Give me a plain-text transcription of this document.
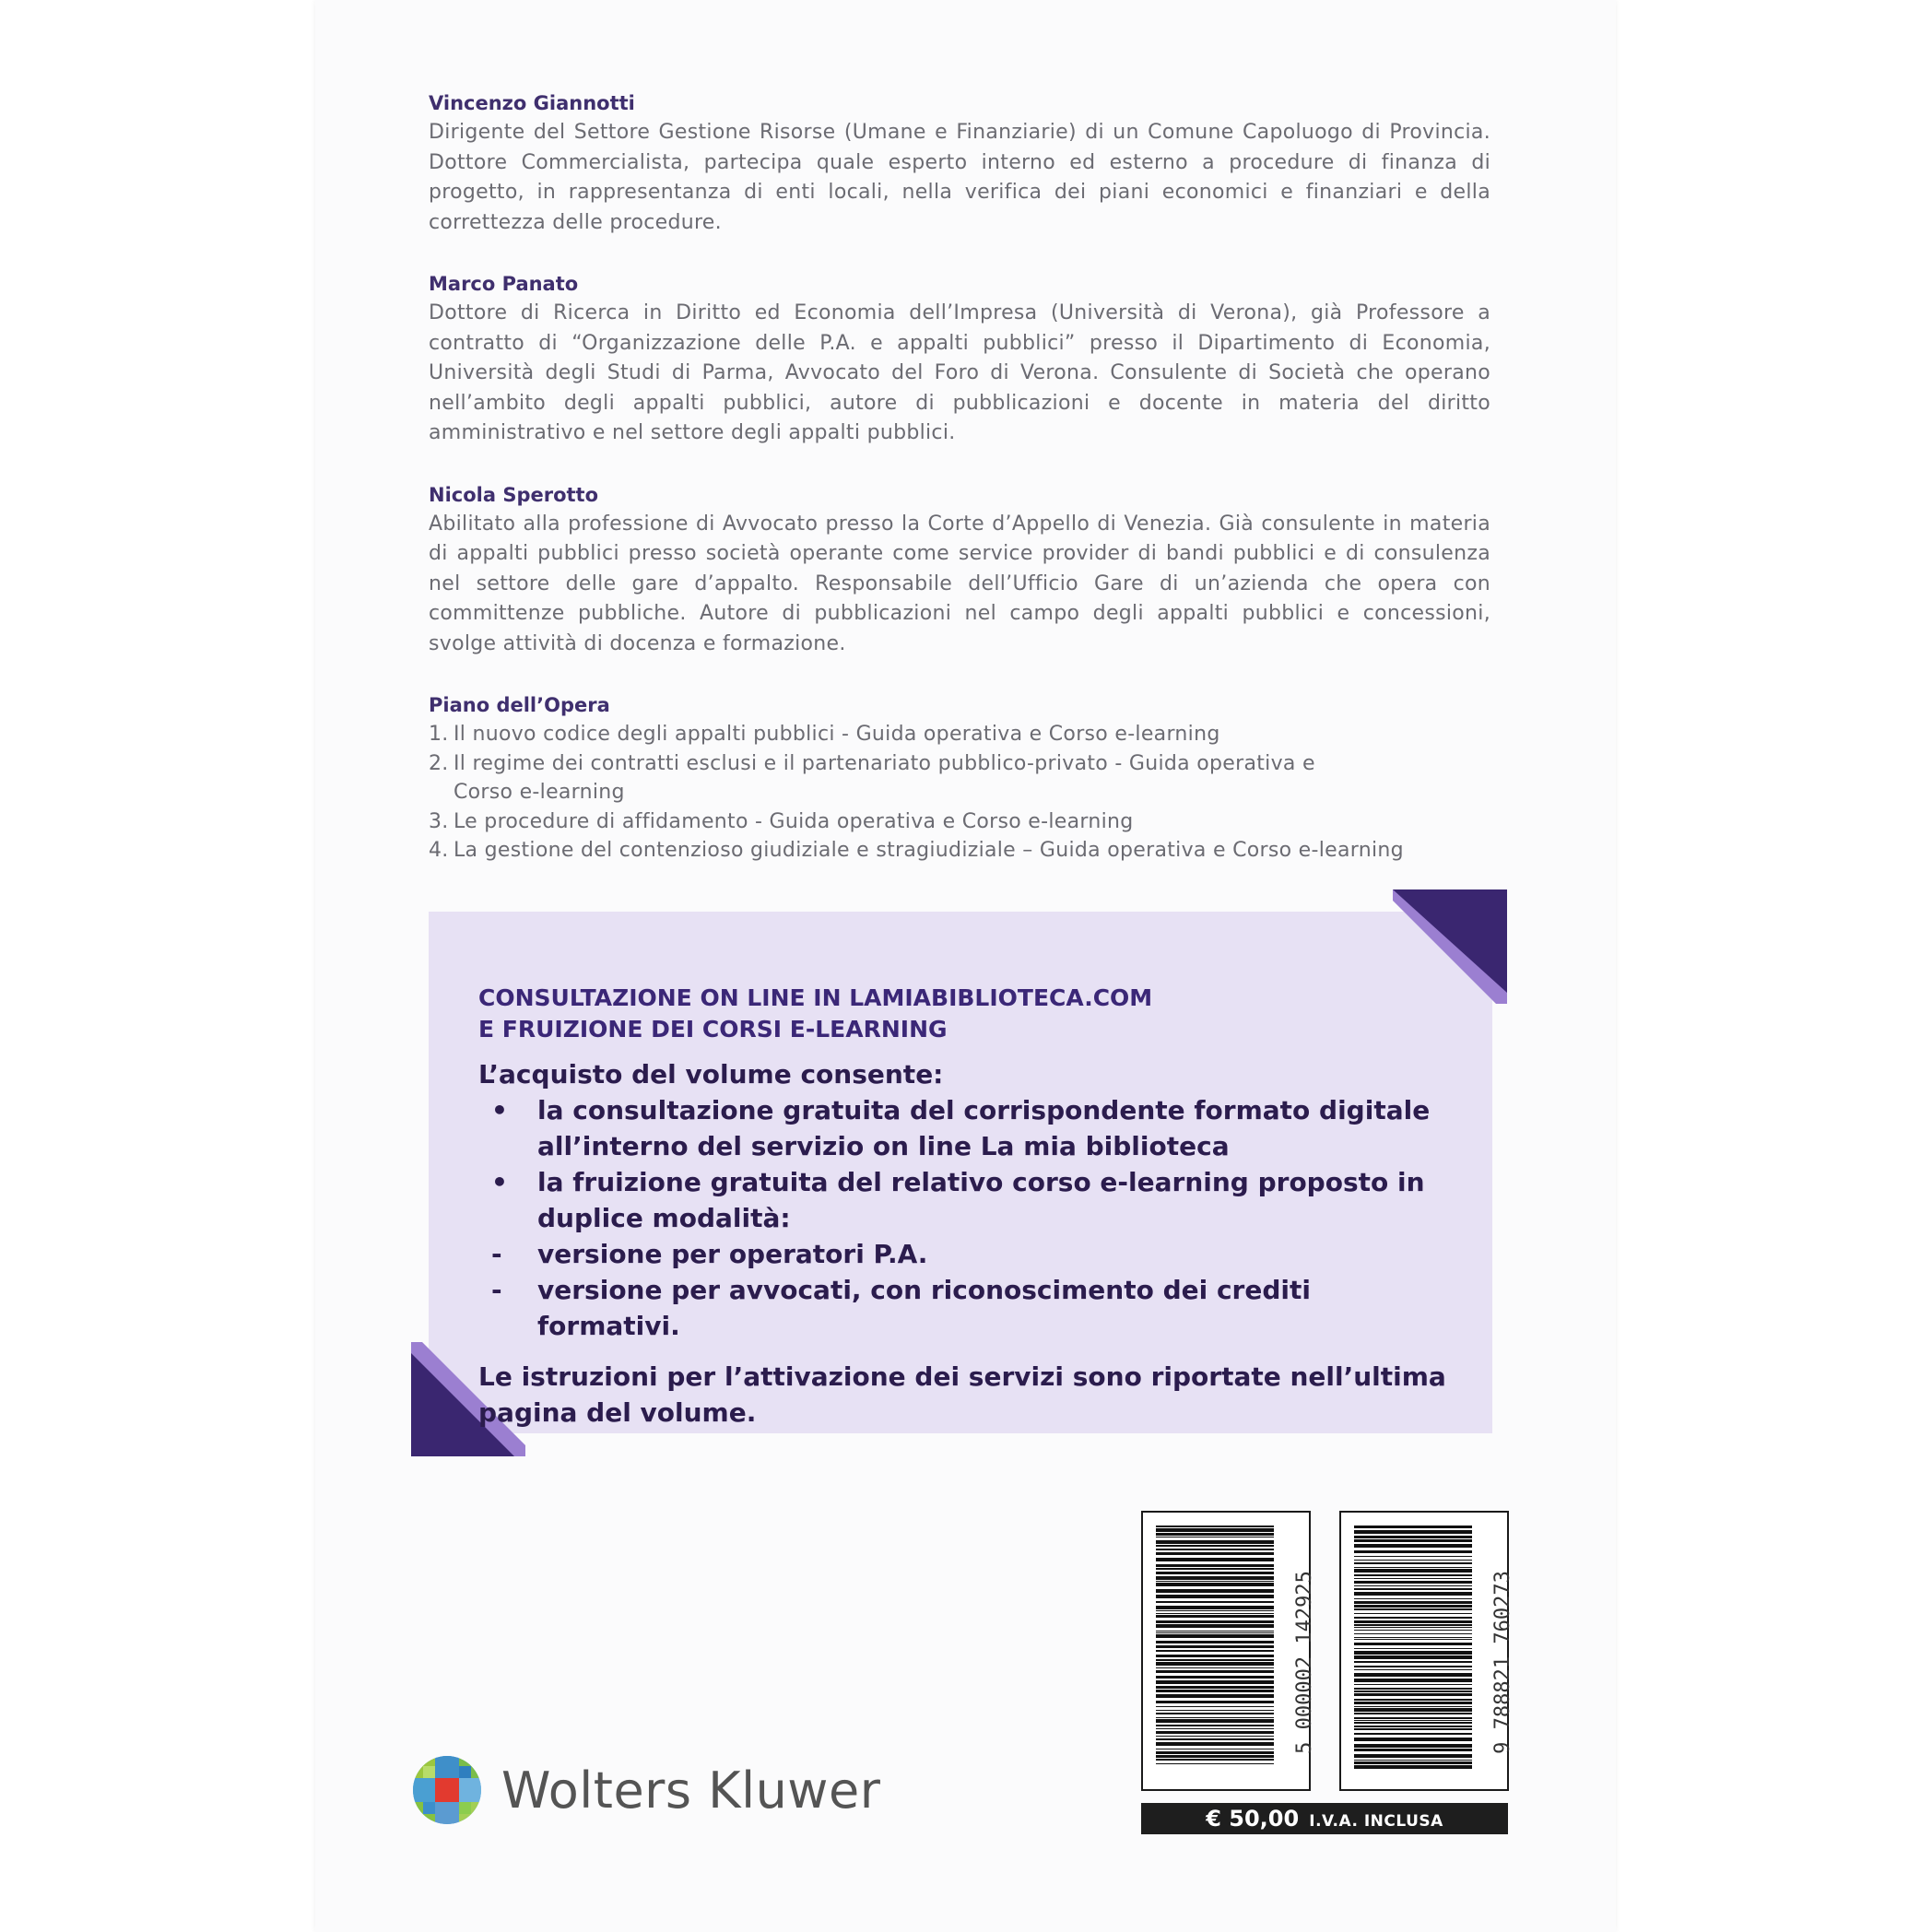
Vincenzo Giannotti
Dirigente del Settore Gestione Risorse (Umane e Finanziarie) di un Comune Capoluogo di Provincia. Dottore Commercialista, partecipa quale esperto interno ed esterno a procedure di finanza di progetto, in rappresentanza di enti locali, nella verifica dei piani economici e finanziari e della correttezza delle procedure.
Marco Panato
Dottore di Ricerca in Diritto ed Economia dell’Impresa (Università di Verona), già Professore a contratto di “Organizzazione delle P.A. e appalti pubblici” presso il Dipartimento di Economia, Università degli Studi di Parma, Avvocato del Foro di Verona. Consulente di Società che operano nell’ambito degli appalti pubblici, autore di pubblicazioni e docente in materia del diritto amministrativo e nel settore degli appalti pubblici.
Nicola Sperotto
Abilitato alla professione di Avvocato presso la Corte d’Appello di Venezia. Già consulente in materia di appalti pubblici presso società operante come service provider di bandi pubblici e di consulenza nel settore delle gare d’appalto. Responsabile dell’Ufficio Gare di un’azienda che opera con committenze pubbliche. Autore di pubblicazioni nel campo degli appalti pubblici e concessioni, svolge attività di docenza e formazione.
Piano dell’Opera
1. Il nuovo codice degli appalti pubblici - Guida operativa e Corso e-learning
2. Il regime dei contratti esclusi e il partenariato pubblico-privato - Guida operativa e Corso e-learning
3. Le procedure di affidamento - Guida operativa e Corso e-learning
4. La gestione del contenzioso giudiziale e stragiudiziale – Guida operativa e Corso e-learning
CONSULTAZIONE ON LINE IN LAMIABIBLIOTECA.COM
E FRUIZIONE DEI CORSI E-LEARNING
L’acquisto del volume consente:
•	la consultazione gratuita del corrispondente formato digitale all’interno del servizio on line La mia biblioteca
•	la fruizione gratuita del relativo corso e-learning proposto in duplice modalità:
-	versione per operatori P.A.
-	versione per avvocati, con riconoscimento dei crediti formativi.
Le istruzioni per l’attivazione dei servizi sono riportate nell’ultima pagina del volume.
5 000002 142925	9 788821 760273
€ 50,00 I.V.A. INCLUSA
Wolters Kluwer
